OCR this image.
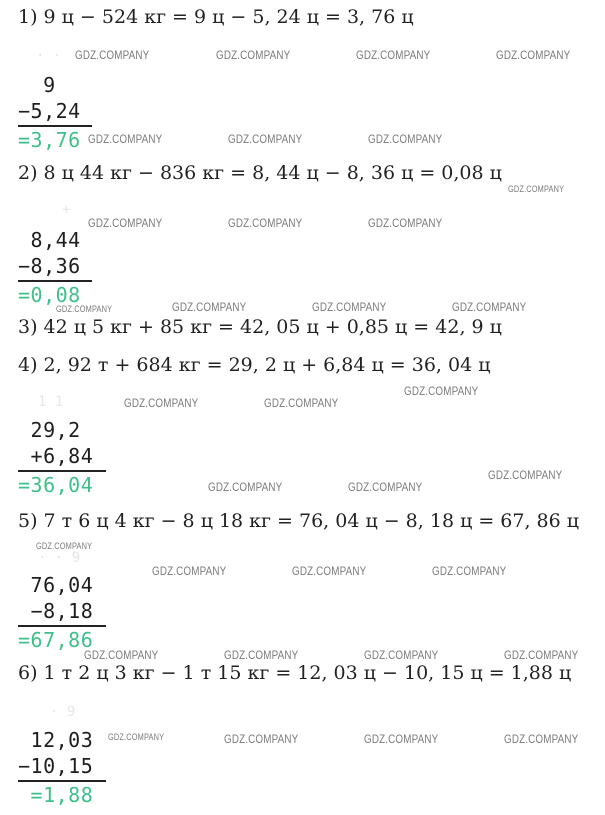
1) 9 ц − 524 кг = 9 ц − 5, 24 ц = 3, 76 ц
· ·
9
−5,24
=3,76
2) 8 ц 44 кг − 836 кг = 8, 44 ц − 8, 36 ц = 0,08 ц
+
8,44
−8,36
=0,08
3) 42 ц 5 кг + 85 кг = 42, 05 ц + 0,85 ц = 42, 9 ц
4) 2, 92 т + 684 кг = 29, 2 ц + 6,84 ц = 36, 04 ц
1 1
29,2
+6,84
=36,04
5) 7 т 6 ц 4 кг − 8 ц 18 кг = 76, 04 ц − 8, 18 ц = 67, 86 ц
· · 9
76,04
−8,18
=67,86
6) 1 т 2 ц 3 кг − 1 т 15 кг = 12, 03 ц − 10, 15 ц = 1,88 ц
· 9
12,03
−10,15
=1,88
GDZ.COMPANY	GDZ.COMPANY	GDZ.COMPANY	GDZ.COMPANY
GDZ.COMPANY	GDZ.COMPANY	GDZ.COMPANY
GDZ.COMPANY
GDZ.COMPANY	GDZ.COMPANY	GDZ.COMPANY
GDZ.COMPANY	GDZ.COMPANY	GDZ.COMPANY	GDZ.COMPANY
GDZ.COMPANY
GDZ.COMPANY	GDZ.COMPANY
GDZ.COMPANY
GDZ.COMPANY	GDZ.COMPANY
GDZ.COMPANY
GDZ.COMPANY	GDZ.COMPANY	GDZ.COMPANY
GDZ.COMPANY	GDZ.COMPANY	GDZ.COMPANY	GDZ.COMPANY
GDZ.COMPANY	GDZ.COMPANY	GDZ.COMPANY	GDZ.COMPANY
